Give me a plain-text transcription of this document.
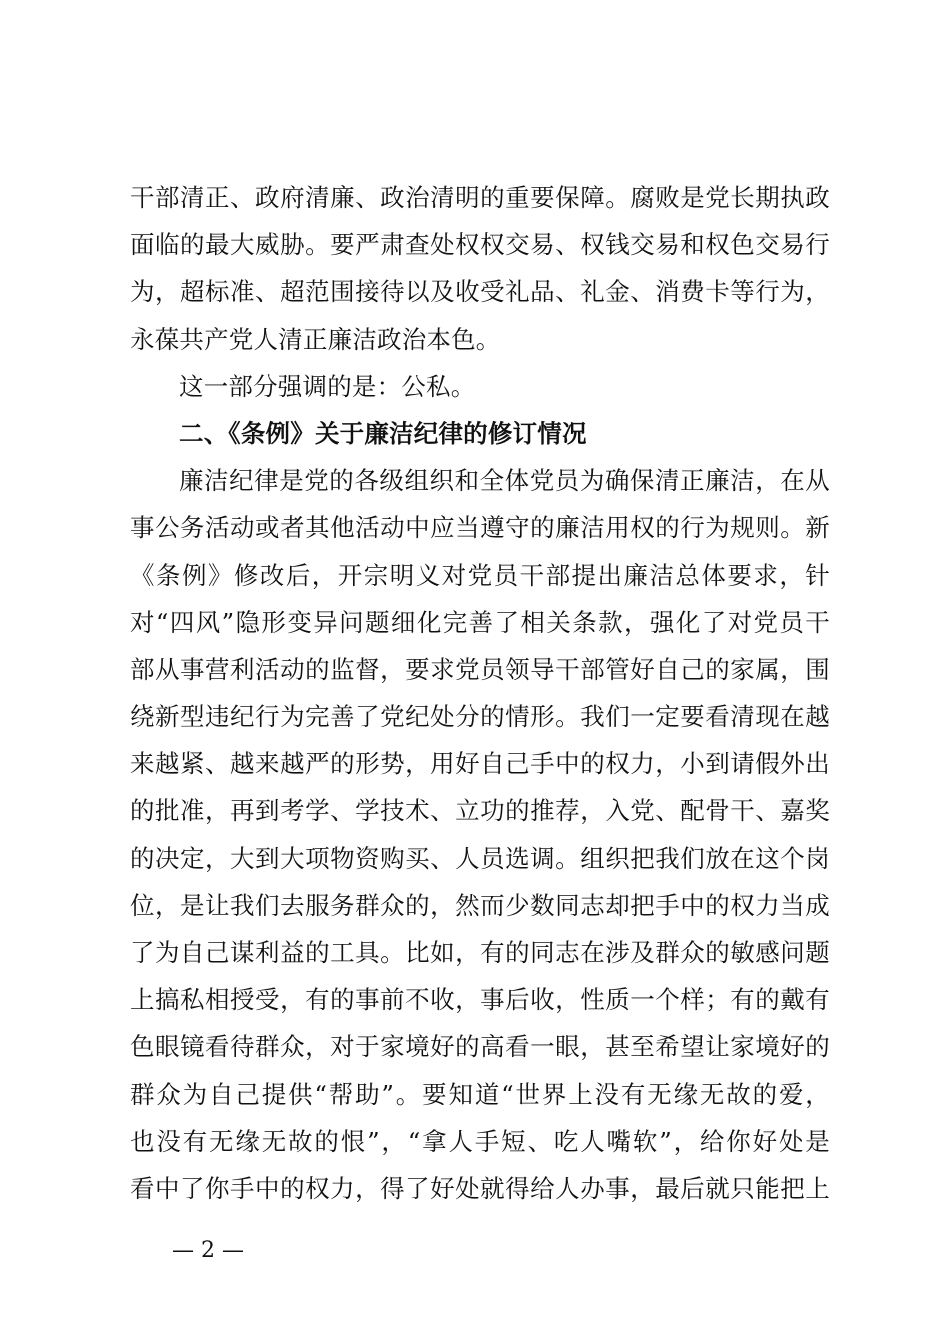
干部清正、政府清廉、政治清明的重要保障。腐败是党长期执政
面临的最大威胁。要严肃查处权权交易、权钱交易和权色交易行
为，超标准、超范围接待以及收受礼品、礼金、消费卡等行为，
永葆共产党人清正廉洁政治本色。
这一部分强调的是：公私。
二、《条例》关于廉洁纪律的修订情况
廉洁纪律是党的各级组织和全体党员为确保清正廉洁，在从
事公务活动或者其他活动中应当遵守的廉洁用权的行为规则。新
《条例》修改后，开宗明义对党员干部提出廉洁总体要求，针
对“四风”隐形变异问题细化完善了相关条款，强化了对党员干
部从事营利活动的监督，要求党员领导干部管好自己的家属，围
绕新型违纪行为完善了党纪处分的情形。我们一定要看清现在越
来越紧、越来越严的形势，用好自己手中的权力，小到请假外出
的批准，再到考学、学技术、立功的推荐，入党、配骨干、嘉奖
的决定，大到大项物资购买、人员选调。组织把我们放在这个岗
位，是让我们去服务群众的，然而少数同志却把手中的权力当成
了为自己谋利益的工具。比如，有的同志在涉及群众的敏感问题
上搞私相授受，有的事前不收，事后收，性质一个样；有的戴有
色眼镜看待群众，对于家境好的高看一眼，甚至希望让家境好的
群众为自己提供“帮助”。要知道“世界上没有无缘无故的爱，
也没有无缘无故的恨”，“拿人手短、吃人嘴软”，给你好处是
看中了你手中的权力，得了好处就得给人办事，最后就只能把上
— 2 —
